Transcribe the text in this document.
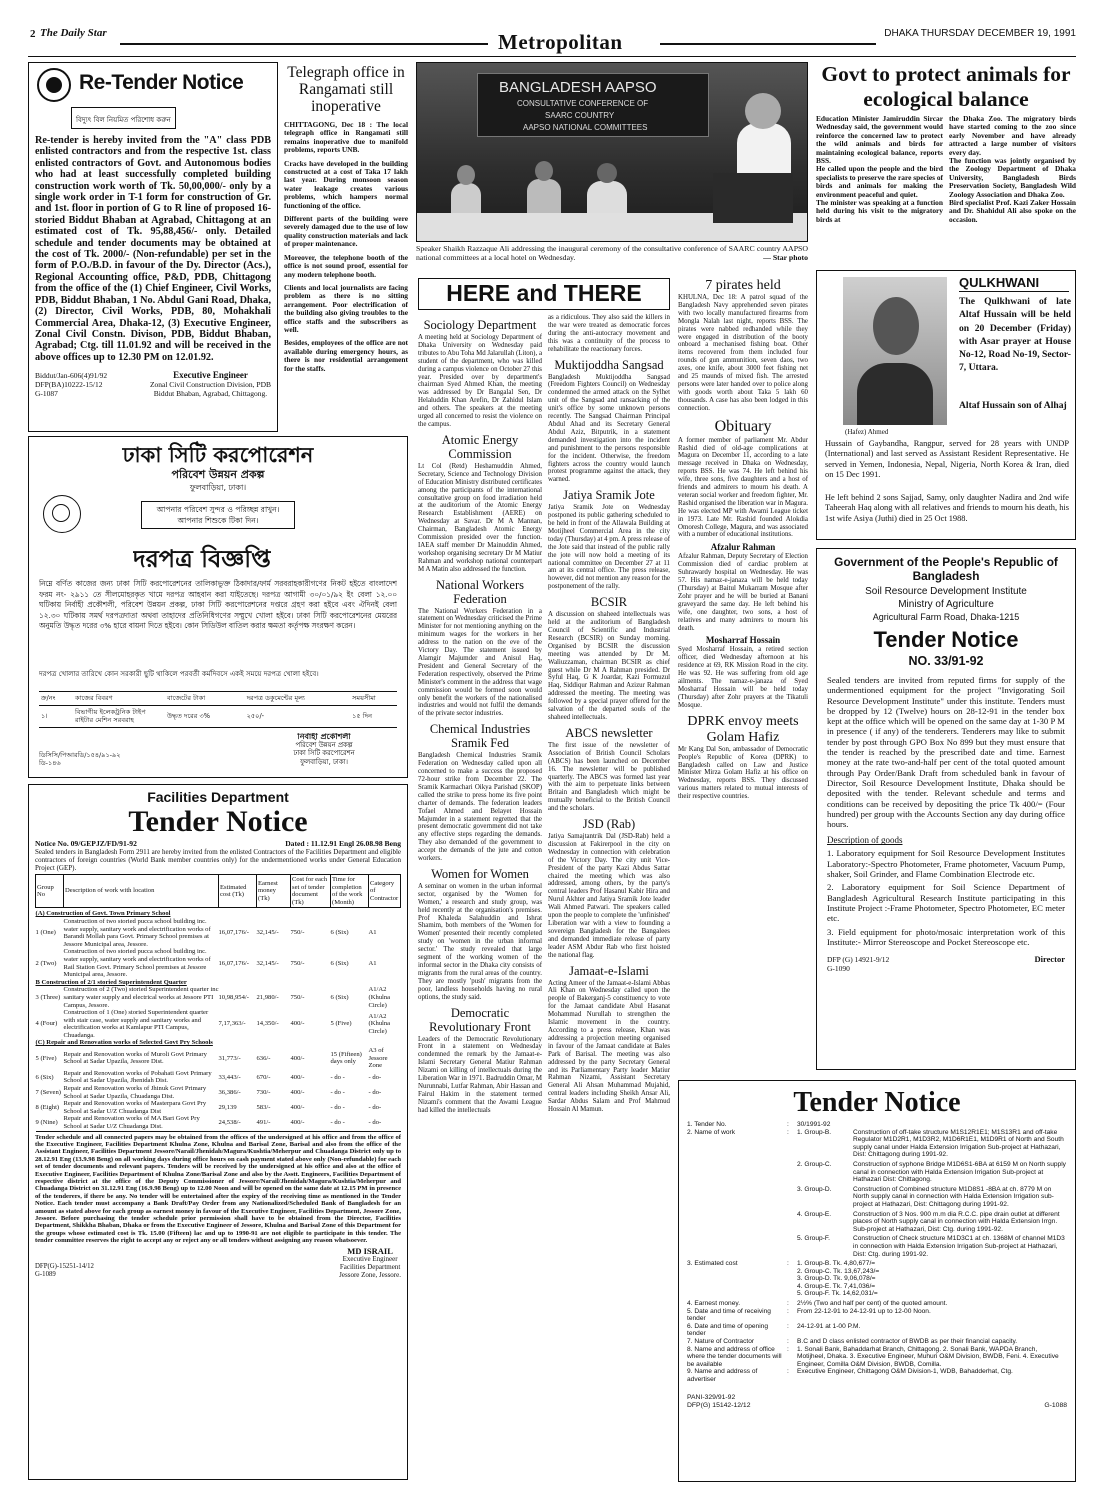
2 The Daily Star	Metropolitan	DHAKA THURSDAY DECEMBER 19, 1991
Re-Tender Notice
বিদ্যুৎ বিল নিয়মিত পরিশোধ করুন
Re-tender is hereby invited from the "A" class PDB enlisted contractors and from the respective 1st. class enlisted contractors of Govt. and Autonomous bodies who had at least successfully completed building construction work worth of Tk. 50,00,000/- only by a single work order in T-1 form for construction of Gr. and 1st. floor in portion of G to R line of proposed 16-storied Biddut Bhaban at Agrabad, Chittagong at an estimated cost of Tk. 95,88,456/- only. Detailed schedule and tender documents may be obtained at the cost of Tk. 2000/- (Non-refundable) per set in the form of P.O./B.D. in favour of the Dy. Director (Acs.), Regional Accounting office, P&D, PDB, Chittagong from the office of the (1) Chief Engineer, Civil Works, PDB, Biddut Bhaban, 1 No. Abdul Gani Road, Dhaka, (2) Director, Civil Works, PDB, 80, Mohakhali Commercial Area, Dhaka-12, (3) Executive Engineer, Zonal Civil Constn. Divison, PDB, Biddut Bhaban, Agrabad; Ctg. till 11.01.92 and will be received in the above offices up to 12.30 PM on 12.01.92.
Biddut/Jan-606(4)91/92
DFP(BA)10222-15/12
G-1087
Executive Engineer
Zonal Civil Construction Division, PDB
Biddut Bhaban, Agrabad, Chittagong.
Telegraph office in Rangamati still inoperative
CHITTAGONG, Dec 18 : The local telegraph office in Rangamati still remains inoperative due to manifold problems, reports UNB.
Cracks have developed in the building constructed at a cost of Taka 17 lakh last year. During monsoon season water leakage creates various problems, which hampers normal functioning of the office.
Different parts of the building were severely damaged due to the use of low quality construction materials and lack of proper maintenance.
Moreover, the telephone booth of the office is not sound proof, essential for any modern telephone booth.
Clients and local journalists are facing problem as there is no sitting arrangement. Poor electrification of the building also giving troubles to the office staffs and the subscribers as well.
Besides, employees of the office are not available during emergency hours, as there is nor residential arrangement for the staffs.
BANGLADESH AAPSO
CONSULTATIVE CONFERENCE OF
SAARC COUNTRY
AAPSO NATIONAL COMMITTEES
Speaker Shaikh Razzaque Ali addressing the inaugural ceremony of the consultative conference of SAARC country AAPSO national committees at a local hotel on Wednesday.	— Star photo
Govt to protect animals for ecological balance
Education Minister Jamiruddin Sircar Wednesday said, the government would reinforce the concerned law to protect the wild animals and birds for maintaining ecological balance, reports BSS.
He called upon the people and the bird specialists to preserve the rare species of birds and animals for making the environment peaceful and quiet.
The minister was speaking at a function held during his visit to the migratory birds at
the Dhaka Zoo. The migratory birds have started coming to the zoo since early November and have already attracted a large number of visitors every day.
The function was jointly organised by the Zoology Department of Dhaka University, Bangladesh Birds Preservation Society, Bangladesh Wild Zoology Association and Dhaka Zoo.
Bird specialist Prof. Kazi Zaker Hossain and Dr. Shahidul Ali also spoke on the occasion.
QULKHWANI
The Qulkhwani of late Altaf Hussain will be held on 20 December (Friday) with Asar prayer at House No-12, Road No-19, Sector-7, Uttara.
Altaf Hussain son of Alhaj
(Hafez) Ahmed
Hussain of Gaybandha, Rangpur, served for 28 years with UNDP (International) and last served as Assistant Resident Representative. He served in Yemen, Indonesia, Nepal, Nigeria, North Korea & Iran, died on 15 Dec 1991.
He left behind 2 sons Sajjad, Samy, only daughter Nadira and 2nd wife Taheerah Haq along with all relatives and friends to mourn his death, his 1st wife Asiya (Juthi) died in 25 Oct 1988.
ঢাকা সিটি করপোরেশন
পরিবেশ উন্নয়ন প্রকল্প
ফুলবাড়িয়া, ঢাকা।
আপনার পরিবেশ সুন্দর ও পরিচ্ছন্ন রাখুন।
আপনার শিশুকে টিকা দিন।
দরপত্র বিজ্ঞপ্তি
নিম্নে বর্ণিত কাজের জন্য ঢাকা সিটি করপোরেশনের তালিকাভুক্ত ঠিকাদার/ফার্ম সরবরাহকারীগণের নিকট হইতে বাংলাদেশ ফরম নং- ২৯১১ তে সীলমোহরকৃত খামে দরপত্র আহবান করা যাইতেছে। দরপত্র আগামী ৩০/০১/৯২ ইং বেলা ১২.০০ ঘটিকায় নির্বাহী প্রকৌশলী, পরিবেশ উন্নয়ন প্রকল্প, ঢাকা সিটি করপোরেশনের দপ্তরে গ্রহণ করা হইবে এবং ঐদিনই বেলা ১২.৩০ ঘটিকায় সমর্থ দরপত্রদাতা অথবা তাহাদের প্রতিনিধিগণের সম্মুখে খোলা হইবে। ঢাকা সিটি করপোরেশনের মেয়রের অনুমতি উদ্ধৃত দরের ৩% হারে বায়না দিতে হইবে। কোন সিডিউল বাতিল করার ক্ষমতা কর্তৃপক্ষ সংরক্ষণ করেন।
দরপত্র খোলার তারিখে কোন সরকারী ছুটি থাকিলে পরবর্তী কর্মদিবসে একই সময়ে দরপত্র খোলা হইবে।
ক্র/নং	কাজের বিবরণ	বাজেটের টাকা	দরপত্র ডকুমেন্টের মূল্য	সময়সীমা
১।	বিভাগীয় ইলেকট্রনিক টাইপ রাইটার মেশিন সরবরাহ	উদ্ধৃত দরের ৩%	২৫০/-	১৫ দিন
ডিসিসি/পিআরডি/১৫৪/৯১-৯২
ডি-১৪৬
নির্বাহী প্রকৌশলী
পরিবেশ উন্নয়ন প্রকল্প
ঢাকা সিটি করপোরেশন
ফুলবাড়িয়া, ঢাকা।
Facilities Department
Tender Notice
Notice No. 09/GEPJZ/FD/91-92	Dated : 11.12.91 Engl 26.08.98 Beng
Sealed tenders in Bangladesh Form 2911 are hereby invited from the enlisted Contractors of the Facilities Department and eligible contractors of foreign countries (World Bank member countries only) for the undermentioned works under General Education Project (GEP).
Group No	Description of work with location	Estimated cost (Tk)	Earnest money (Tk)	Cost for each set of tender document (Tk)	Time for completion of the work (Month)	Category of Contractor
(A) Construction of Govt. Town Primary School						
1 (One)	Construction of two storied pucca school building inc. water supply, sanitary work and electrification works of Barandi Mollah para Govt. Primary School premises at Jessore Municipal area, Jessore.	16,07,176/-	32,145/-	750/-	6 (Six)	A1
2 (Two)	Construction of two storied pucca school building inc. water supply, sanitary work and electrification works of Rail Station Govt. Primary School premises at Jessore Municipal area, Jessore.	16,07,176/-	32,145/-	750/-	6 (Six)	A1
B Construction of 2/1 storied Superintendent Quarter						
3 (Three)	Construction of 2 (Two) storied Superintendent quarter inc sanitary water supply and electrical works at Jessore PTI Campus, Jessore.	10,98,954/-	21,980/-	750/-	6 (Six)	A1/A2 (Khulna Circle)
4 (Four)	Construction of 1 (One) storied Superintendent quarter with stair case, water supply and sanitary works and electrification works at Kamlapur PTI Campus, Chuadanga.	7,17,363/-	14,350/-	400/-	5 (Five)	A1/A2 (Khulna Circle)
(C) Repair and Renovation works of Selected Govt Pry Schools						
5 (Five)	Repair and Renovation works of Muroli Govt Primary School at Sadar Upazila, Jessore Dist.	31,773/-	636/-	400/-	15 (Fifteen) days only	A3 of Jessore Zone
6 (Six)	Repair and Renovation works of Pobahati Govt Primary School at Sadar Upazila, Jhenidah Dist.	33,443/-	670/-	400/-	- do -	- do-
7 (Seven)	Repair and Renovation works of Jhinuk Govt Primary School at Sadar Upazila, Chuadanga Dist.	36,386/-	730/-	400/-	- do -	- do-
8 (Eight)	Repair and Renovation works of Masterpara Govt Pry School at Sadar U/Z Chuadanga Dist	29,139	583/-	400/-	- do -	- do-
9 (Nine)	Repair and Renovation works of MA Bari Govt Pry School at Sadar U/Z Chuadanga Dist.	24,538/-	491/-	400/-	- do -	- do-
Tender schedule and all connected papers may be obtained from the offices of the undersigned at his office and from the office of the Executive Engineer, Facilities Department Khulna Zone, Khulna and Barisal Zone, Barisal and also from the office of the Assistant Engineer, Facilities Department Jessore/Narail/Jhenidah/Magura/Kushtia/Meherpur and Chuadanga District only up to 28.12.91 Eng (13.9.98 Beng) on all working days during office hours on cash payment stated above only (Non-refundable) for each set of tender documents and relevant papers. Tenders will be received by the undersigned at his office and also at the office of Executive Engineer, Facilities Department of Khulna Zone/Barisal Zone and also by the Asstt. Engineers, Facilities Department of respective district at the office of the Deputy Commissioner of Jessore/Narail/Jhenidah/Magura/Kushtia/Meherpur and Chuadanga District on 31.12.91 Eng (16.9.98 Beng) up to 12.00 Noon and will be opened on the same date at 12.15 PM in presence of the tenderers, if there be any. No tender will be entertained after the expiry of the receiving time as mentioned in the Tender Notice. Each tender must accompany a Bank Draft/Pay Order from any Nationalized/Scheduled Bank of Bangladesh for an amount as stated above for each group as earnest money in favour of the Executive Engineer, Facilities Department, Jessore Zone, Jessore. Before purchasing the tender schedule prior permission shall have to be obtained from the Director, Facilities Department, Shikkha Bhaban, Dhaka or from the Executive Engineer of Jessore, Khulna and Barisal Zone of this Department for the groups whose estimated cost is Tk. 15.00 (Fifteen) lac and up to 1990-91 are not eligible to participate in this tender. The tender committee reserves the right to accept any or reject any or all tenders without assigning any reason whatsoever.
DFP(G)-15251-14/12
G-1089
MD ISRAIL
Executive Engineer
Facilities Department
Jessore Zone, Jessore.
HERE and THERE
Sociology Department
A meeting held at Sociology Department of Dhaka University on Wednesday paid tributes to Abu Toha Md Jalarullah (Liton), a student of the department, who was killed during a campus violence on October 27 this year. Presided over by department's chairman Syed Ahmed Khan, the meeting was addressed by Dr Bangalal Sen, Dr Helaluddin Khan Arefin, Dr Zahidul Islam and others. The speakers at the meeting urged all concerned to resist the violence on the campus.
Atomic Energy Commission
Lt Col (Retd) Heshamuddin Ahmed, Secretary, Science and Technology Division of Education Ministry distributed certificates among the participants of the international consultative group on food irradiation held at the auditorium of the Atomic Energy Research Establishment (AERE) on Wednesday at Savar. Dr M A Mannan, Chairman, Bangladesh Atomic Energy Commission presided over the function. IAEA staff member Dr Mainuddin Ahmed, workshop organising secretary Dr M Matiur Rahman and workshop national counterpart M A Matin also addressed the function.
National Workers Federation
The National Workers Federation in a statement on Wednesday criticised the Prime Minister for not mentioning anything on the minimum wages for the workers in her address to the nation on the eve of the Victory Day. The statement issued by Alamgir Majumder and Anisul Haq, President and General Secretary of the Federation respectively, observed the Prime Minister's comment in the address that wage commission would be formed soon would only benefit the workers of the nationalised industries and would not fulfil the demands of the private sector industries.
Chemical Industries Sramik Fed
Bangladesh Chemical Industries Sramik Federation on Wednesday called upon all concerned to make a success the proposed 72-hour strike from December 22. The Sramik Karmachari Oikya Parishad (SKOP) called the strike to press home its five point charter of demands. The federation leaders Tofael Ahmed and Belayet Hossain Majumder in a statement regretted that the present democratic government did not take any effective steps regarding the demands. They also demanded of the government to accept the demands of the jute and cotton workers.
Women for Women
A seminar on women in the urban informal sector, organised by the 'Women for Women,' a research and study group, was held recently at the organisation's premises. Prof Khaleda Salahuddin and Ishrat Shamim, both members of the 'Women for Women' presented their recently completed study on 'women in the urban informal sector.' The study revealed that large segment of the working women of the informal sector in the Dhaka city consists of migrants from the rural areas of the country. They are mostly 'push' migrants from the poor, landless households having no rural options, the study said.
Democratic Revolutionary Front
Leaders of the Democratic Revolutionary Front in a statement on Wednesday condemned the remark by the Jamaat-e-Islami Secretary General Matiur Rahman Nizami on killing of intellectuals during the Liberation War in 1971. Badruddin Omar, M Nurunnabi, Lutfar Rahman, Abir Hassan and Fairul Hakim in the statement termed Nizami's comment that the Awami League had killed the intellectuals
as a ridiculous. They also said the killers in the war were treated as democratic forces during the anti-autocracy movement and this was a continuity of the process to rehabilitate the reactionary forces.
Muktijoddha Sangsad
Bangladesh Muktijoddha Sangsad (Freedom Fighters Council) on Wednesday condemned the armed attack on the Sylhet unit of the Sangsad and ransacking of the unit's office by some unknown persons recently. The Sangsad Chairman Principal Abdul Ahad and its Secretary General Abdul Aziz, Bitputrik, in a statement demanded investigation into the incident and punishment to the persons responsible for the incident. Otherwise, the freedom fighters across the country would launch protest programme against the attack, they warned.
Jatiya Sramik Jote
Jatiya Sramik Jote on Wednesday postponed its public gathering scheduled to be held in front of the Allawala Building at Motijheel Commercial Area in the city today (Thursday) at 4 pm. A press release of the Jote said that instead of the public rally the jote will now hold a meeting of its national committee on December 27 at 11 am at its central office. The press release, however, did not mention any reason for the postponement of the rally.
BCSIR
A discussion on shaheed intellectuals was held at the auditorium of Bangladesh Council of Scientific and Industrial Research (BCSIR) on Sunday morning. Organised by BCSIR the discussion meeting was attended by Dr M. Waliuzzaman, chairman BCSIR as chief guest while Dr M A Rahman presided. Dr Syful Haq, G K Joardar, Kazi Formuzul Haq, Siddiqur Rahman and Azizur Rahman addressed the meeting. The meeting was followed by a special prayer offered for the salvation of the departed souls of the shaheed intellectuals.
ABCS newsletter
The first issue of the newsletter of Association of British Council Scholars (ABCS) has been launched on December 16. The newsletter will be published quarterly. The ABCS was formed last year with the aim to perpetuate links between Britain and Bangladesh which might be mutually beneficial to the British Council and the scholars.
JSD (Rab)
Jatiya Samajtantrik Dal (JSD-Rab) held a discussion at Fakirerpool in the city on Wednesday in connection with celebration of the Victory Day. The city unit Vice-President of the party Kazi Abdus Sattar chaired the meeting which was also addressed, among others, by the party's central leaders Prof Hasanul Kabir Hira and Nurul Akhter and Jatiya Sramik Jote leader Wali Ahmed Patwari. The speakers called upon the people to complete the 'unfinished' Liberation war with a view to founding a sovereign Bangladesh for the Bangalees and demanded immediate release of party leader ASM Abdur Rab who first hoisted the national flag.
Jamaat-e-Islami
Acting Ameer of the Jamaat-e-Islami Abbas Ali Khan on Wednesday called upon the people of Bakerganj-5 constituency to vote for the Jamaat candidate Abul Hasanat Mohammad Nurullah to strengthen the Islamic movement in the country. According to a press release, Khan was addressing a projection meeting organised in favour of the Jamaat candidate at Bales Park of Barisal. The meeting was also addressed by the party Secretary General and its Parliamentary Party leader Matiur Rahman Nizami, Assistant Secretary General Ali Ahsan Muhammad Mujahid, central leaders including Sheikh Ansar Ali, Sardar Abdus Salam and Prof Mahmud Hossain Al Mamun.
7 pirates held
KHULNA, Dec 18: A patrol squad of the Bangladesh Navy apprehended seven pirates with two locally manufactured firearms from Mongla Nalah last night, reports BSS. The pirates were nabbed redhanded while they were engaged in distribution of the booty onboard a mechanised fishing boat. Other items recovered from them included four rounds of gun ammunition, seven daos, two axes, one knife, about 3000 feet fishing net and 25 maunds of mixed fish. The arrested persons were later handed over to police along with goods worth about Taka 5 lakh 60 thousands. A case has also been lodged in this connection.
Obituary
A former member of parliament Mr. Abdur Rashid died of old-age complications at Magura on December 11, according to a late message received in Dhaka on Wednesday, reports BSS. He was 74. He left behind his wife, three sons, five daughters and a host of friends and admirers to mourn his death. A veteran social worker and freedom fighter, Mr. Rashid organised the liberation war in Magura. He was elected MP with Awami League ticket in 1973. Late Mr. Rashid founded Alokdia Omoresh College, Magura, and was associated with a number of educational institutions.
Afzalur Rahman
Afzalur Rahman, Deputy Secretary of Election Commission died of cardiac problem at Suhrawardy hospital on Wednesday. He was 57. His namaz-e-janaza will be held today (Thursday) at Baitul Mukarram Mosque after Zohr prayer and he will be buried at Banani graveyard the same day. He left behind his wife, one daughter, two sons, a host of relatives and many admirers to mourn his death.
Mosharraf Hossain
Syed Mosharraf Hossain, a retired section officer, died Wednesday afternoon at his residence at 69, RK Mission Road in the city. He was 92. He was suffering from old age ailments. The namaz-e-janaza of Syed Mosharraf Hossain will be held today (Thursday) after Zohr prayers at the Tikatuli Mosque.
DPRK envoy meets Golam Hafiz
Mr Kang Dal Son, ambassador of Democratic People's Republic of Korea (DPRK) to Bangladesh called on Law and Justice Minister Mirza Golam Hafiz at his office on Wednesday, reports BSS. They discussed various matters related to mutual interests of their respective countries.
Government of the People's Republic of Bangladesh
Soil Resource Development Institute
Ministry of Agriculture
Agricultural Farm Road, Dhaka-1215
Tender Notice
NO. 33/91-92
Sealed tenders are invited from reputed firms for supply of the undermentioned equipment for the project "Invigorating Soil Resource Development Institute" under this institute. Tenders must be dropped by 12 (Twelve) hours on 28-12-91 in the tender box kept at the office which will be opened on the same day at 1-30 P M in presence ( if any) of the tenderers. Tenderers may like to submit tender by post through GPO Box No 899 but they must ensure that the tender is reached by the prescribed date and time. Earnest money at the rate two-and-half per cent of the total quoted amount through Pay Order/Bank Draft from scheduled bank in favour of Director, Soil Resource Development Institute, Dhaka should be deposited with the tender. Relevant schedule and terms and conditions can be received by depositing the price Tk 400/= (Four hundred) per group with the Accounts Section any day during office hours.
Description of goods
1. Laboratory equipment for Soil Resource Development Institutes Laboratory:-Spectro Photometer, Frame photometer, Vacuum Pump, shaker, Soil Grinder, and Flame Combination Electrode etc.
2. Laboratory equipment for Soil Science Department of Bangladesh Agricultural Research Institute participating in this Institute Project :-Frame Photometer, Spectro Photometer, EC meter etc.
3. Field equipment for photo/mosaic interpretation work of this Institute:- Mirror Stereoscope and Pocket Stereoscope etc.
DFP (G) 14921-9/12
G-1090
Director
Tender Notice
1. Tender No.	:	30/1991-92
2. Name of work	:	1. Group-B.	Construction of off-take structure M1S12R1E1; M1S13R1 and off-take Regulator M1D2R1, M1D3R2, M1D6R1E1, M1D9R1 of North and South supply canal under Halda Extension Irrigation Sub-project at Hathazari, Dist: Chittagong during 1991-92.
2. Group-C.	Construction of syphone Bridge M1D6S1-6BA at 6159 M on North supply canal in connection with Halda Extension Irrigation Sub-project at Hathazari Dist: Chittagong.
3. Group-D.	Construction of Combined structure M1D8S1 -8BA at ch. 8779 M on North supply canal in connection with Halda Extension Irrigation sub-project at Hathazari, Dist: Chittagong during 1991-92.
4. Group-E.	Construction of 3 Nos. 900 m.m dia R.C.C. pipe drain outlet at different places of North supply canal in connection with Halda Extension Irrgn. Sub-project at Hathazari, Dist: Ctg. during 1991-92.
5. Group-F.	Construction of Check structure M1D3C1 at ch. 1368M of channel M1D3 in connection with Halda Extension Irrigation Sub-project at Hathazari, Dist: Ctg. during 1991-92.
3. Estimated cost	:	1. Group-B. Tk. 4,80,677/=
2. Group-C. Tk. 13,67,243/=
3. Group-D. Tk. 9,06,078/=
4. Group-E. Tk. 7,41,036/=
5. Group-F. Tk. 14,62,031/=
4. Earnest money.	:	2½% (Two and half per cent) of the quoted amount.
5. Date and time of receiving tender
:	From 22-12-91 to 24-12-91 up to 12-00 Noon.
6. Date and time of opening tender
:	24-12-91 at 1-00 P.M.
7. Nature of Contractor	:	B.C and D class enlisted contractor of BWDB as per their financial capacity.
8. Name and address of office where the tender documents will be available
:	1. Sonali Bank, Bahaddarhat Branch, Chittagong. 2. Sonali Bank, WAPDA Branch, Motijheel, Dhaka. 3. Executive Engineer, Muhuri O&M Division, BWDB, Feni. 4. Executive Engineer, Comilla O&M Division, BWDB, Comilla.
9. Name and address of advertiser
:	Executive Engineer, Chittagong O&M Division-1, WDB, Bahadderhat, Ctg.
PANI-329/91-92
DFP(G) 15142-12/12	G-1088
